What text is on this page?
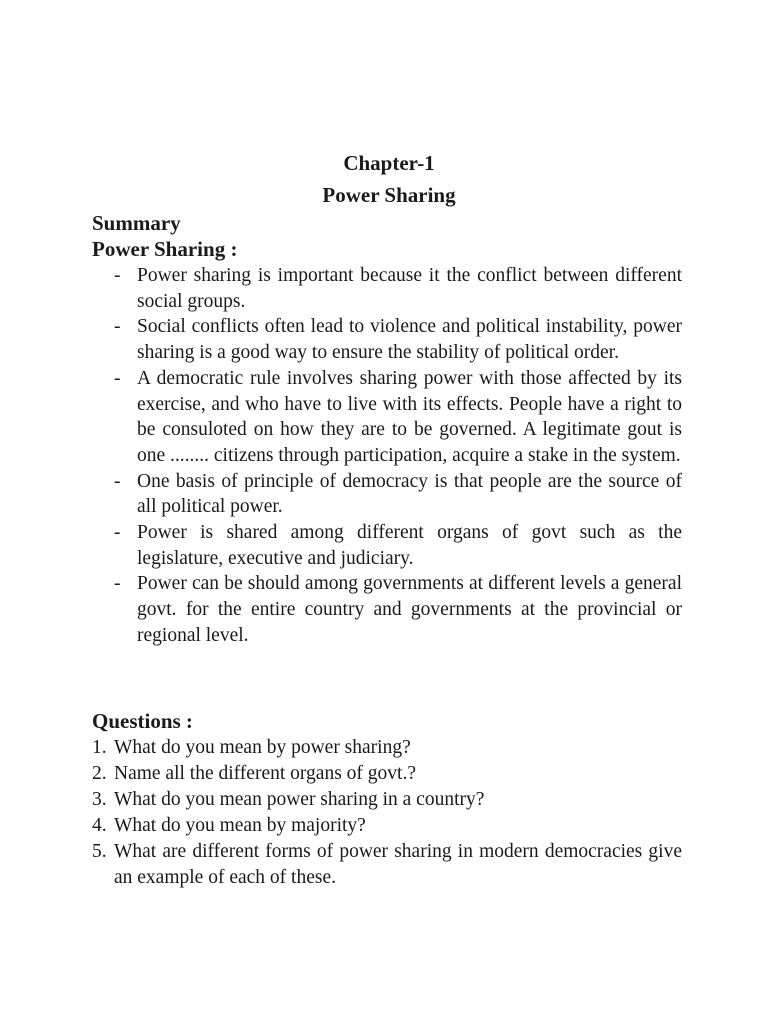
Chapter-1
Power Sharing
Summary
Power Sharing :
- Power sharing is important because it the conflict between different social groups.
- Social conflicts often lead to violence and political instability, power sharing is a good way to ensure the stability of political order.
- A democratic rule involves sharing power with those affected by its exercise, and who have to live with its effects. People have a right to be consuloted on how they are to be governed. A legitimate gout is one ........ citizens through participation, acquire a stake in the system.
- One basis of principle of democracy is that people are the source of all political power.
- Power is shared among different organs of govt such as the legislature, executive and judiciary.
- Power can be should among governments at different levels a general govt. for the entire country and governments at the provincial or regional level.
Questions :
1. What do you mean by power sharing?
2. Name all the different organs of govt.?
3. What do you mean power sharing in a country?
4. What do you mean by majority?
5. What are different forms of power sharing in modern democracies give an example of each of these.
